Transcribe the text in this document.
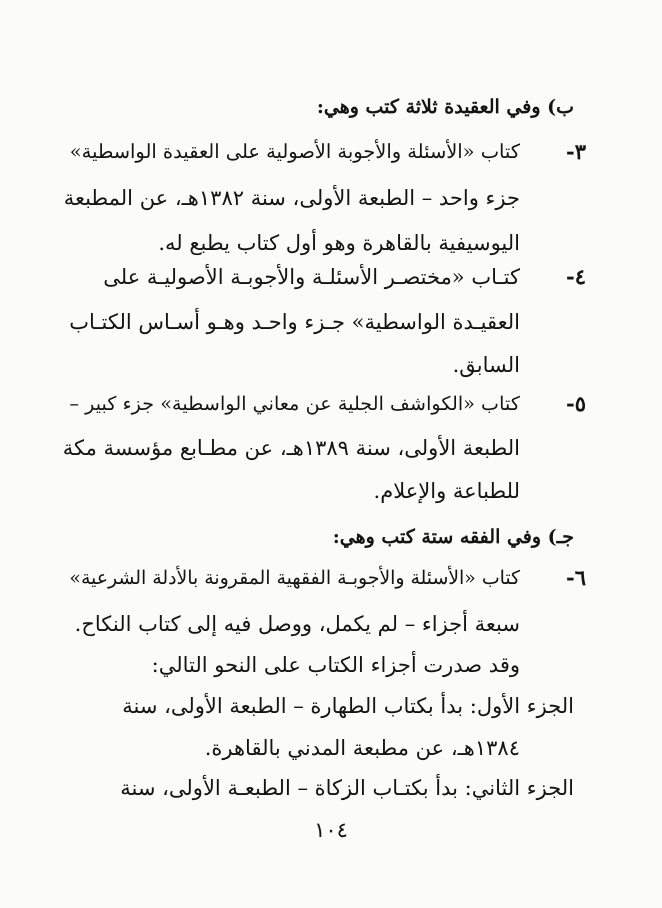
ب) وفي العقيدة ثلاثة كتب وهي:
-٣
كتاب «الأسئلة والأجوبة الأصولية على العقيدة الواسطية»
جزء واحد – الطبعة الأولى، سنة ١٣٨٢هـ، عن المطبعة
اليوسيفية بالقاهرة وهو أول كتاب يطبع له.
-٤
كتـاب «مختصـر الأسئلـة والأجوبـة الأصوليـة على
العقيـدة الواسطية» جـزء واحـد وهـو أسـاس الكتـاب
السابق.
-٥
كتاب «الكواشف الجلية عن معاني الواسطية» جزء كبير –
الطبعة الأولى، سنة ١٣٨٩هـ، عن مطـابع مؤسسة مكة
للطباعة والإعلام.
جـ) وفي الفقه ستة كتب وهي:
-٦
كتاب «الأسئلة والأجوبـة الفقهية المقرونة بالأدلة الشرعية»
سبعة أجزاء – لم يكمل، ووصل فيه إلى كتاب النكاح.
وقد صدرت أجزاء الكتاب على النحو التالي:
الجزء الأول: بدأ بكتاب الطهارة – الطبعة الأولى، سنة
١٣٨٤هـ، عن مطبعة المدني بالقاهرة.
الجزء الثاني: بدأ بكتـاب الزكاة – الطبعـة الأولى، سنة
١٠٤
